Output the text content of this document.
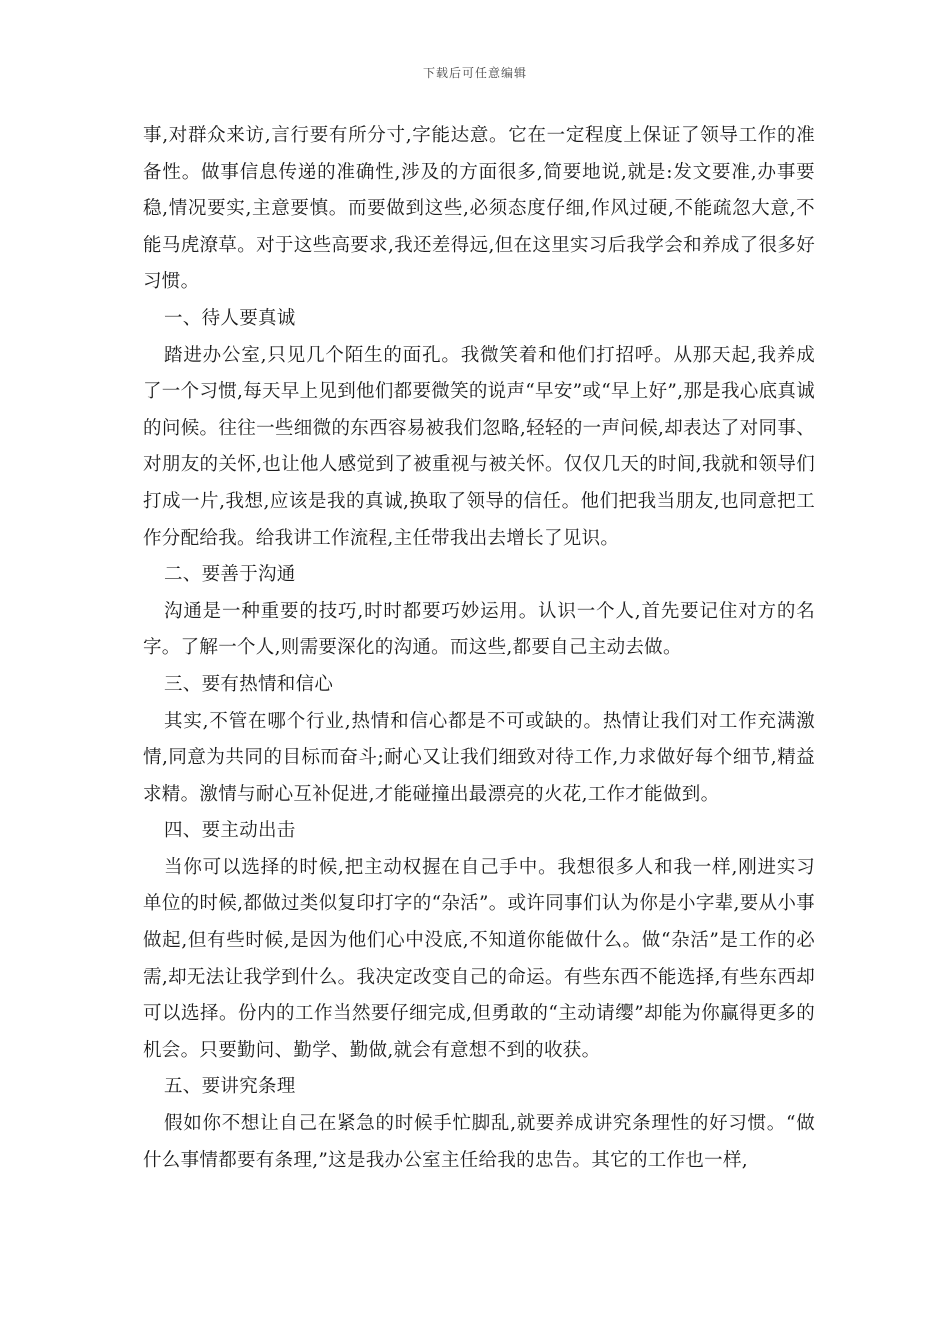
下载后可任意编辑

事,对群众来访,言行要有所分寸,字能达意。它在一定程度上保证了领导工作的准备性。做事信息传递的准确性,涉及的方面很多,简要地说,就是:发文要准,办事要稳,情况要实,主意要慎。而要做到这些,必须态度仔细,作风过硬,不能疏忽大意,不能马虎潦草。对于这些高要求,我还差得远,但在这里实习后我学会和养成了很多好习惯。

一、待人要真诚

踏进办公室,只见几个陌生的面孔。我微笑着和他们打招呼。从那天起,我养成了一个习惯,每天早上见到他们都要微笑的说声“早安”或“早上好”,那是我心底真诚的问候。往往一些细微的东西容易被我们忽略,轻轻的一声问候,却表达了对同事、对朋友的关怀,也让他人感觉到了被重视与被关怀。仅仅几天的时间,我就和领导们打成一片,我想,应该是我的真诚,换取了领导的信任。他们把我当朋友,也同意把工作分配给我。给我讲工作流程,主任带我出去增长了见识。

二、要善于沟通

沟通是一种重要的技巧,时时都要巧妙运用。认识一个人,首先要记住对方的名字。了解一个人,则需要深化的沟通。而这些,都要自己主动去做。

三、要有热情和信心

其实,不管在哪个行业,热情和信心都是不可或缺的。热情让我们对工作充满激情,同意为共同的目标而奋斗;耐心又让我们细致对待工作,力求做好每个细节,精益求精。激情与耐心互补促进,才能碰撞出最漂亮的火花,工作才能做到。

四、要主动出击

当你可以选择的时候,把主动权握在自己手中。我想很多人和我一样,刚进实习单位的时候,都做过类似复印打字的“杂活”。或许同事们认为你是小字辈,要从小事做起,但有些时候,是因为他们心中没底,不知道你能做什么。做“杂活”是工作的必需,却无法让我学到什么。我决定改变自己的命运。有些东西不能选择,有些东西却可以选择。份内的工作当然要仔细完成,但勇敢的“主动请缨”却能为你赢得更多的机会。只要勤问、勤学、勤做,就会有意想不到的收获。

五、要讲究条理

假如你不想让自己在紧急的时候手忙脚乱,就要养成讲究条理性的好习惯。“做什么事情都要有条理,”这是我办公室主任给我的忠告。其它的工作也一样,
